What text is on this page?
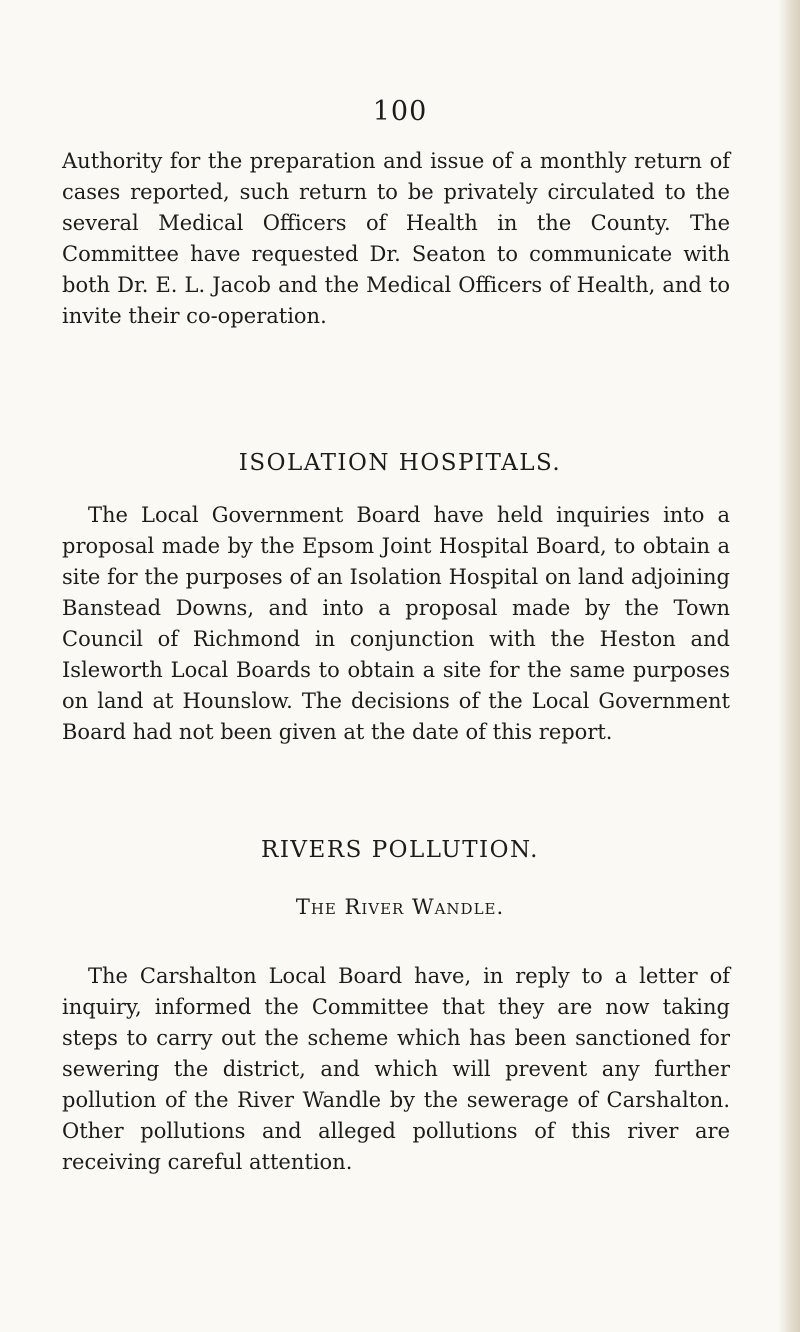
100

Authority for the preparation and issue of a monthly return of cases reported, such return to be privately circulated to the several Medical Officers of Health in the County. The Committee have requested Dr. Seaton to communicate with both Dr. E. L. Jacob and the Medical Officers of Health, and to invite their co-operation.

ISOLATION HOSPITALS.

The Local Government Board have held inquiries into a proposal made by the Epsom Joint Hospital Board, to obtain a site for the purposes of an Isolation Hospital on land adjoining Banstead Downs, and into a proposal made by the Town Council of Richmond in conjunction with the Heston and Isleworth Local Boards to obtain a site for the same purposes on land at Hounslow. The decisions of the Local Government Board had not been given at the date of this report.

RIVERS POLLUTION.
The River Wandle.

The Carshalton Local Board have, in reply to a letter of inquiry, informed the Committee that they are now taking steps to carry out the scheme which has been sanctioned for sewering the district, and which will prevent any further pollution of the River Wandle by the sewerage of Carshalton. Other pollutions and alleged pollutions of this river are receiving careful attention.
